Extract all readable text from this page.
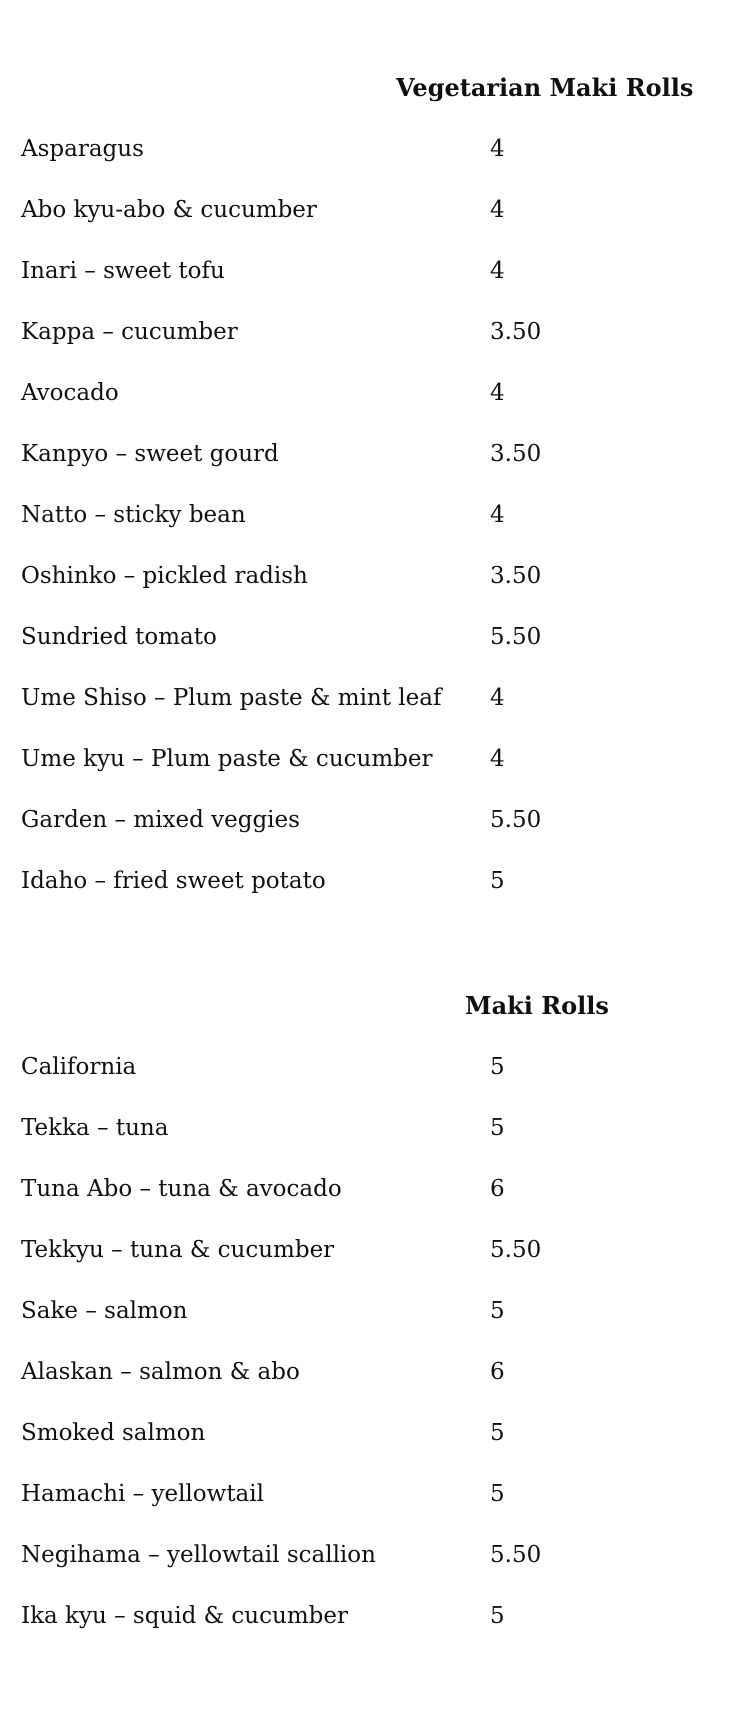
Vegetarian Maki Rolls
Asparagus	4
Abo kyu-abo & cucumber	4
Inari – sweet tofu	4
Kappa – cucumber	3.50
Avocado	4
Kanpyo – sweet gourd	3.50
Natto – sticky bean	4
Oshinko – pickled radish	3.50
Sundried tomato	5.50
Ume Shiso – Plum paste & mint leaf 4
Ume kyu – Plum paste & cucumber	4
Garden – mixed veggies	5.50
Idaho – fried sweet potato	5
Maki Rolls
California	5
Tekka – tuna	5
Tuna Abo – tuna & avocado	6
Tekkyu – tuna & cucumber	5.50
Sake – salmon	5
Alaskan – salmon & abo	6
Smoked salmon	5
Hamachi – yellowtail	5
Negihama – yellowtail scallion	5.50
Ika kyu – squid & cucumber	5
